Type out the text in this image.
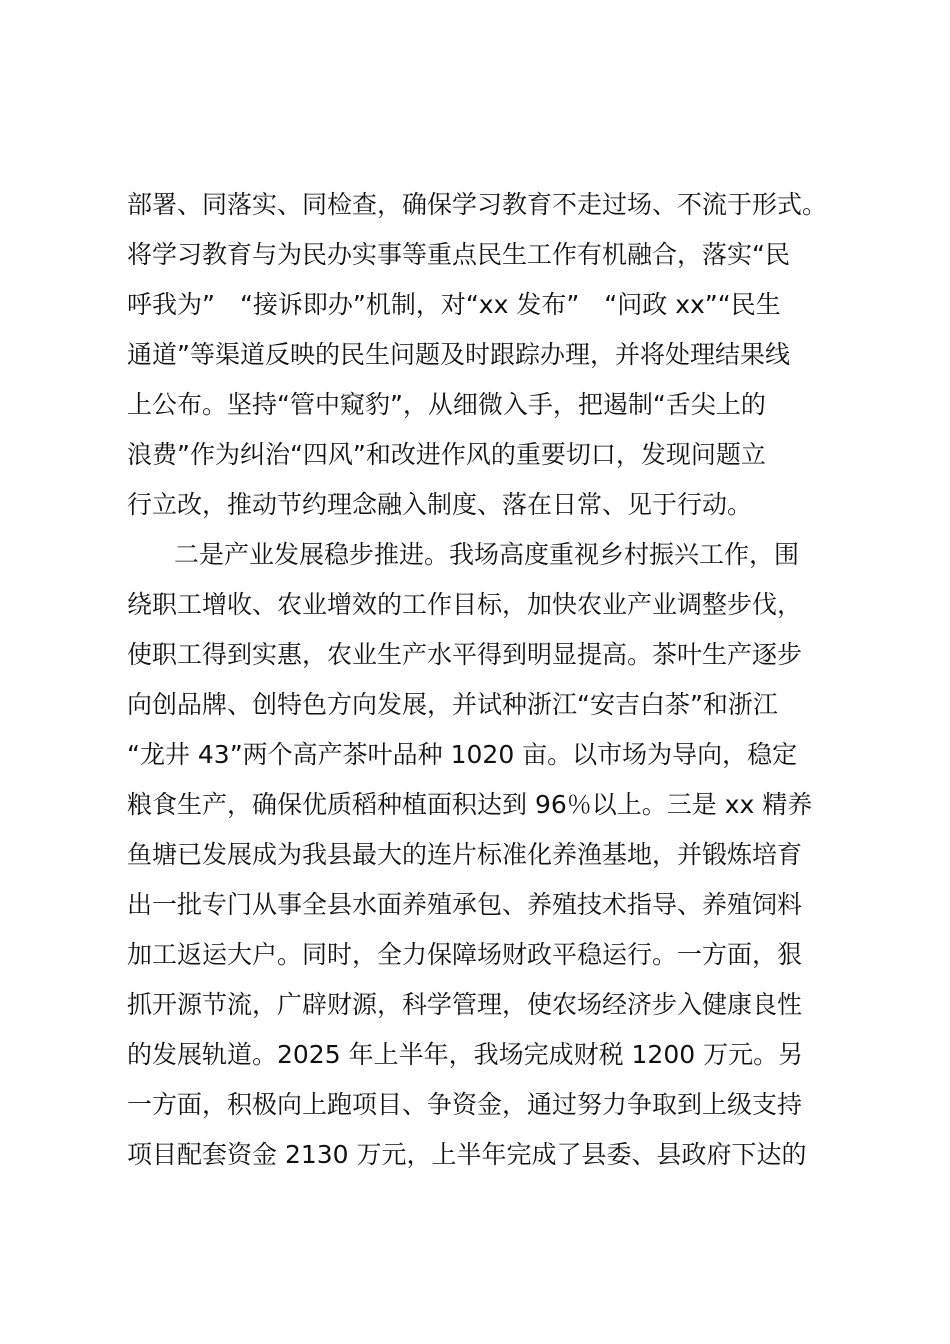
部署、同落实、同检查，确保学习教育不走过场、不流于形式。
将学习教育与为民办实事等重点民生工作有机融合，落实“民
呼我为”　“接诉即办”机制，对“xx 发布”　“问政 xx”“民生
通道”等渠道反映的民生问题及时跟踪办理，并将处理结果线
上公布。坚持“管中窥豹”，从细微入手，把遏制“舌尖上的
浪费”作为纠治“四风”和改进作风的重要切口，发现问题立
行立改，推动节约理念融入制度、落在日常、见于行动。
二是产业发展稳步推进。我场高度重视乡村振兴工作，围
绕职工增收、农业增效的工作目标，加快农业产业调整步伐，
使职工得到实惠，农业生产水平得到明显提高。茶叶生产逐步
向创品牌、创特色方向发展，并试种浙江“安吉白茶”和浙江
“龙井 43”两个高产茶叶品种 1020 亩。以市场为导向，稳定
粮食生产，确保优质稻种植面积达到 96％以上。三是 xx 精养
鱼塘已发展成为我县最大的连片标准化养渔基地，并锻炼培育
出一批专门从事全县水面养殖承包、养殖技术指导、养殖饲料
加工返运大户。同时，全力保障场财政平稳运行。一方面，狠
抓开源节流，广辟财源，科学管理，使农场经济步入健康良性
的发展轨道。2025 年上半年，我场完成财税 1200 万元。另
一方面，积极向上跑项目、争资金，通过努力争取到上级支持
项目配套资金 2130 万元，上半年完成了县委、县政府下达的
